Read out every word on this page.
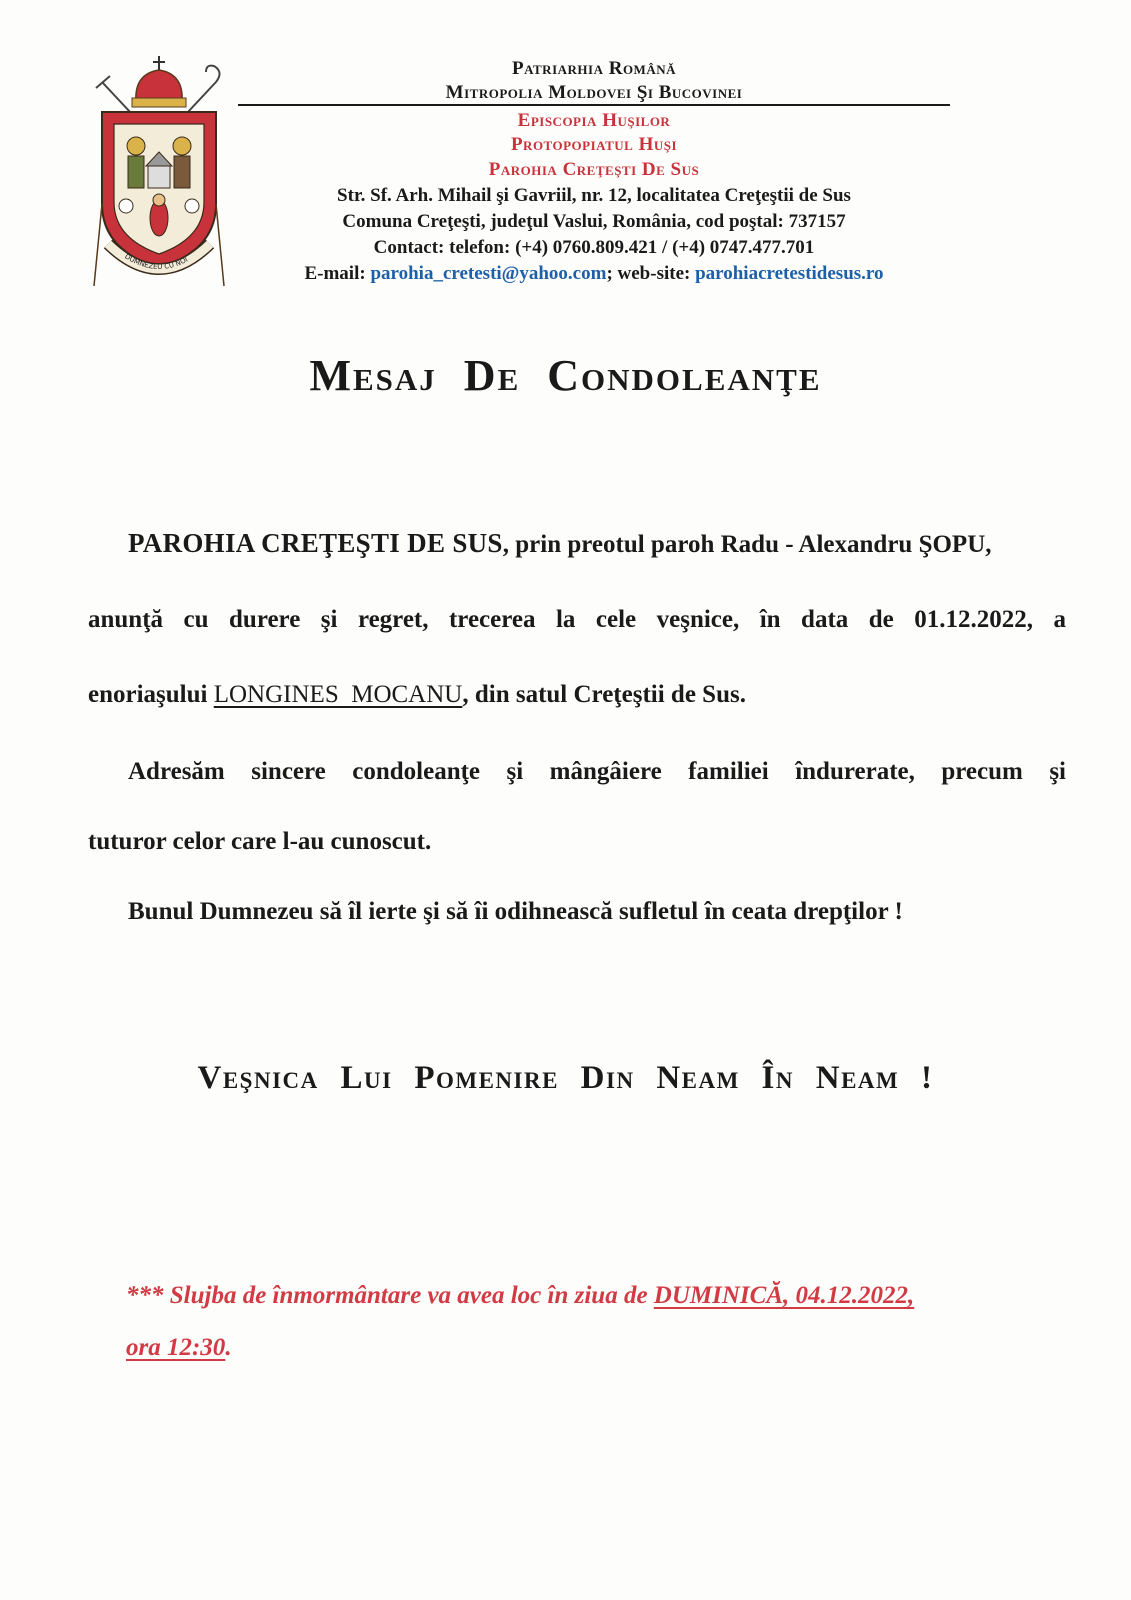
DUMNEZEU CU NOI
Patriarhia Română
Mitropolia Moldovei Şi Bucovinei
Episcopia Huşilor
Protopopiatul Huşi
Parohia Creţeşti De Sus
Str. Sf. Arh. Mihail şi Gavriil, nr. 12, localitatea Creţeştii de Sus
Comuna Creţeşti, judeţul Vaslui, România, cod poştal: 737157
Contact: telefon: (+4) 0760.809.421 / (+4) 0747.477.701
E-mail: parohia_cretesti@yahoo.com; web-site: parohiacretestidesus.ro
Mesaj De Condoleanţe
PAROHIA CREŢEŞTI DE SUS, prin preotul paroh Radu - Alexandru ŞOPU,
anunţă cu durere şi regret, trecerea la cele veşnice, în data de 01.12.2022, a
enoriaşului LONGINES  MOCANU, din satul Creţeştii de Sus.
Adresăm sincere condoleanţe şi mângâiere familiei îndurerate, precum şi
tuturor celor care l-au cunoscut.
Bunul Dumnezeu să îl ierte şi să îi odihnească sufletul în ceata drepţilor !
Veşnica Lui Pomenire Din Neam În Neam !
*** Slujba de înmormântare va avea loc în ziua de DUMINICĂ, 04.12.2022,
ora 12:30.
